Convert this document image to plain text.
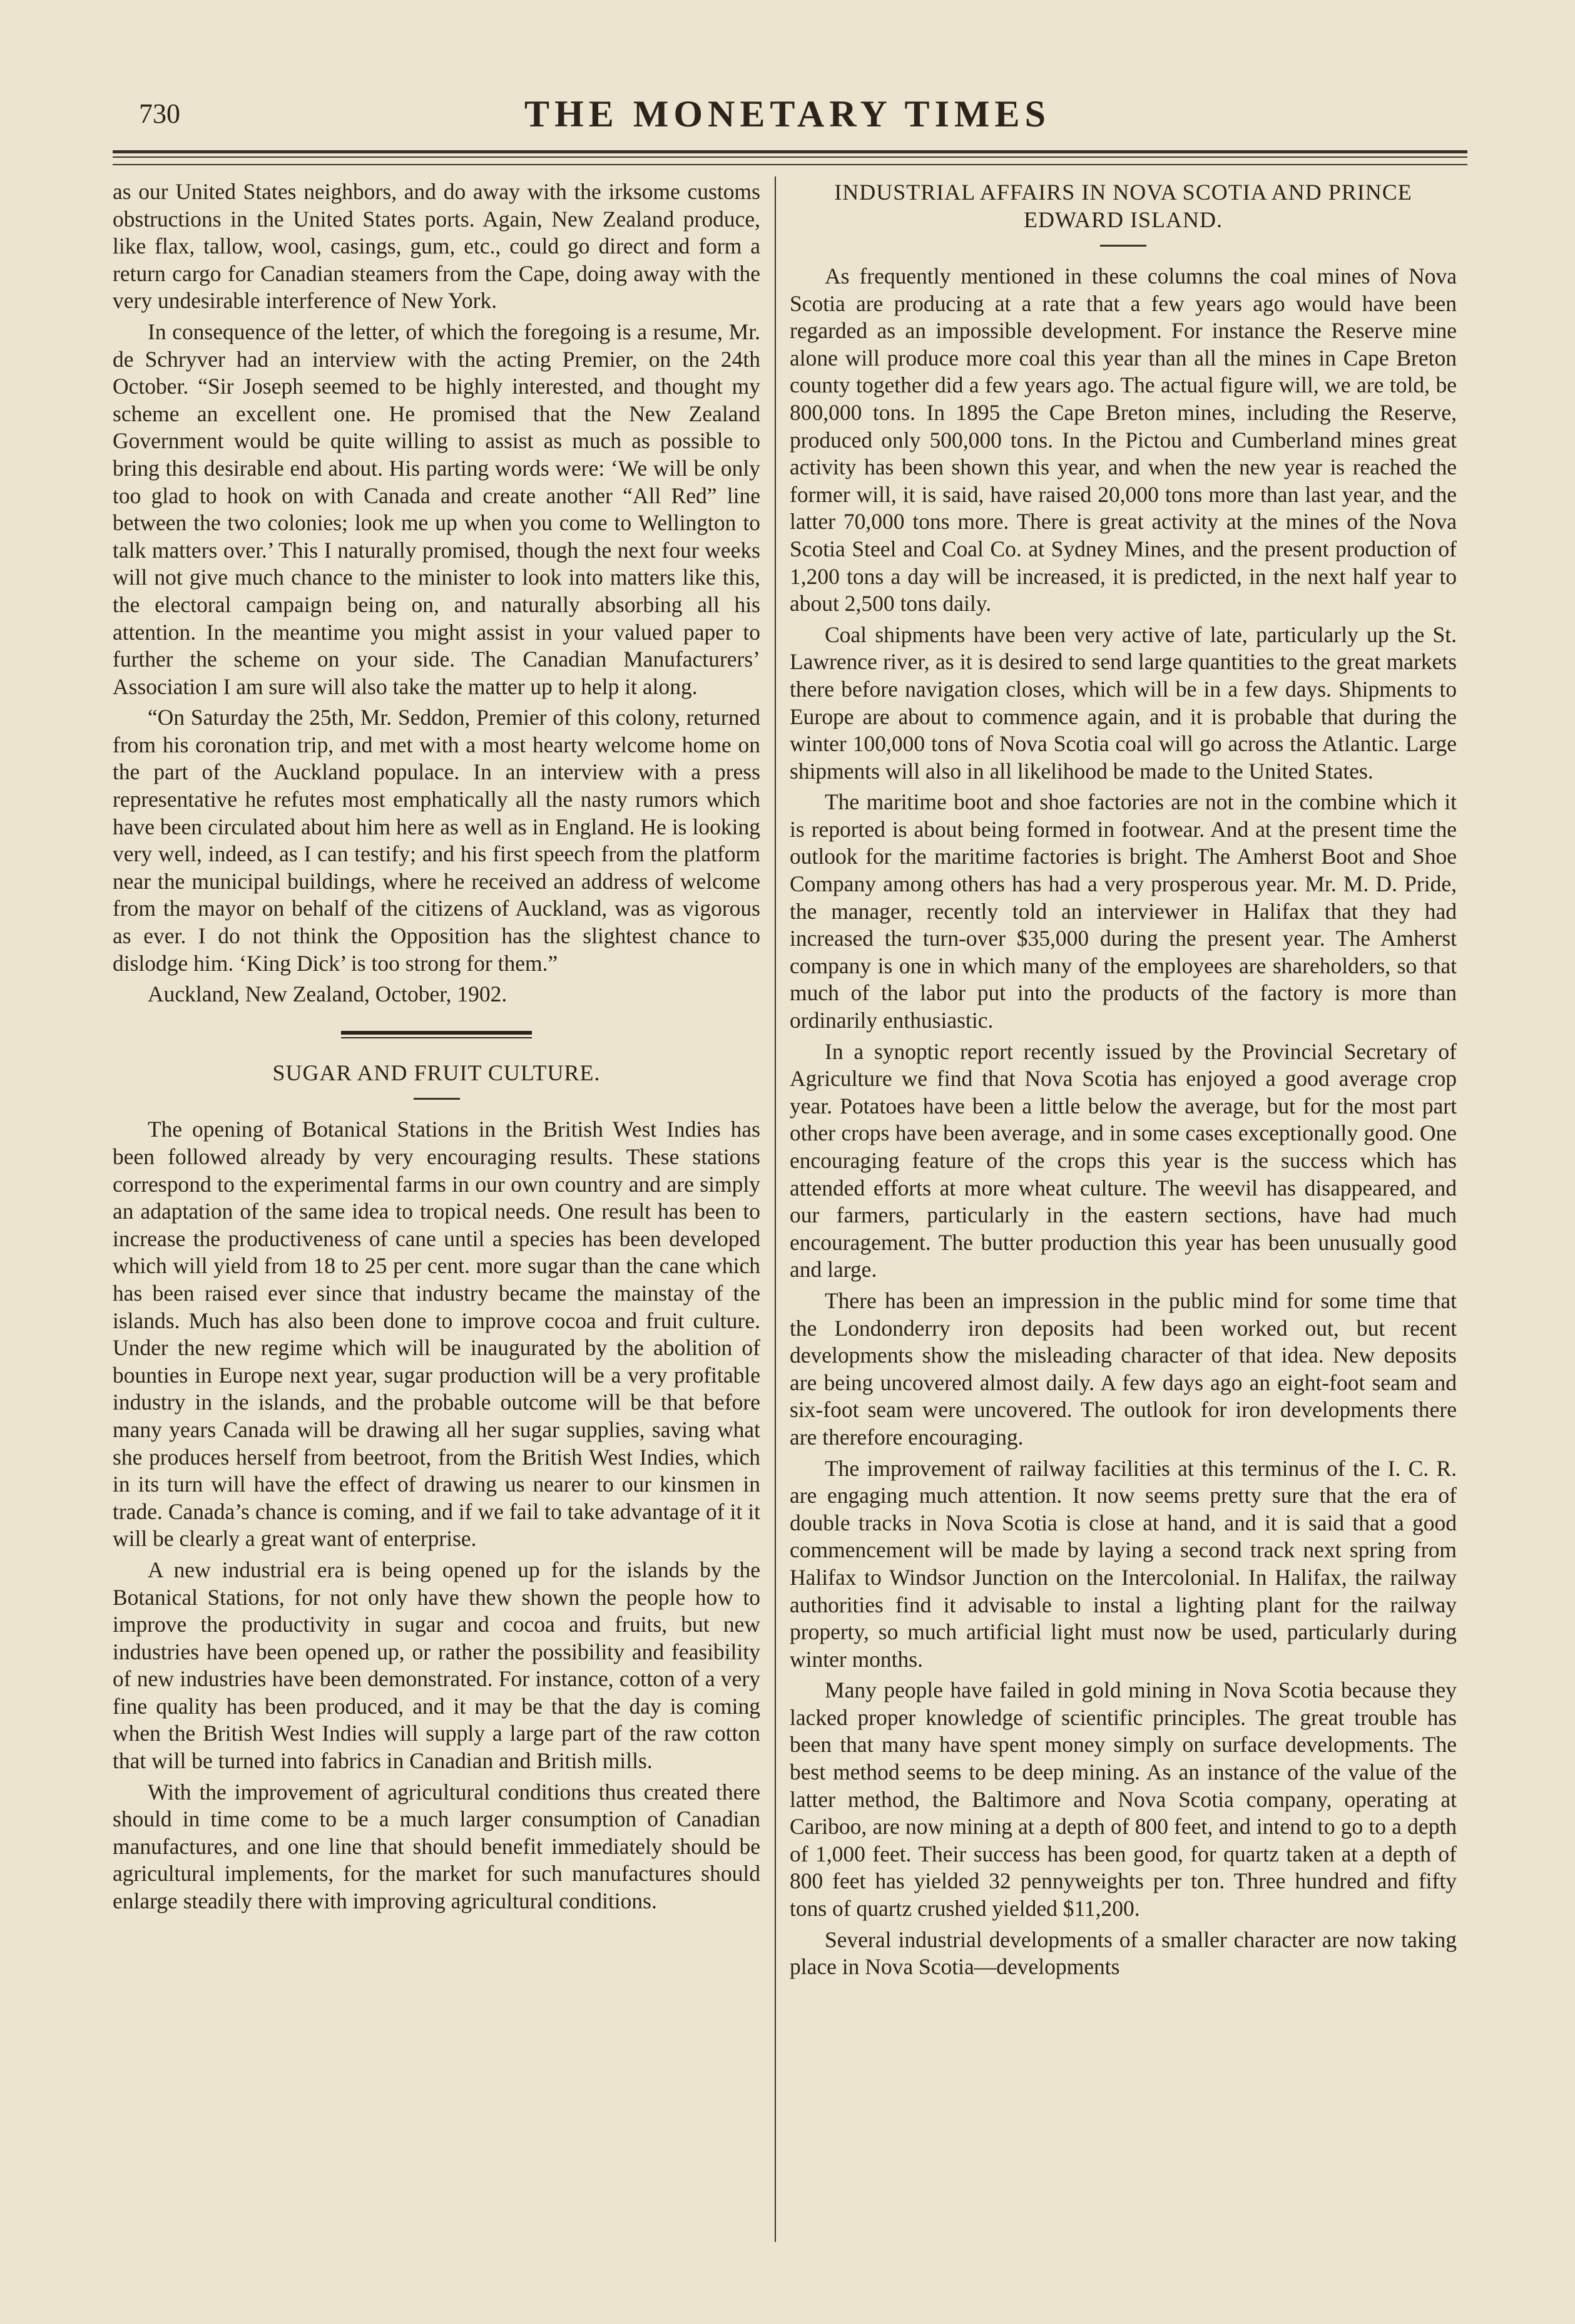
730	THE MONETARY TIMES

as our United States neighbors, and do away with the irksome customs obstructions in the United States ports. Again, New Zealand produce, like flax, tallow, wool, casings, gum, etc., could go direct and form a return cargo for Canadian steamers from the Cape, doing away with the very undesirable interference of New York.

In consequence of the letter, of which the foregoing is a resume, Mr. de Schryver had an interview with the acting Premier, on the 24th October. “Sir Joseph seemed to be highly interested, and thought my scheme an excellent one. He promised that the New Zealand Government would be quite willing to assist as much as possible to bring this desirable end about. His parting words were: ‘We will be only too glad to hook on with Canada and create another “All Red” line between the two colonies; look me up when you come to Wellington to talk matters over.’ This I naturally promised, though the next four weeks will not give much chance to the minister to look into matters like this, the electoral campaign being on, and naturally absorbing all his attention. In the meantime you might assist in your valued paper to further the scheme on your side. The Canadian Manufacturers’ Association I am sure will also take the matter up to help it along.

“On Saturday the 25th, Mr. Seddon, Premier of this colony, returned from his coronation trip, and met with a most hearty welcome home on the part of the Auckland populace. In an interview with a press representative he refutes most emphatically all the nasty rumors which have been circulated about him here as well as in England. He is looking very well, indeed, as I can testify; and his first speech from the platform near the municipal buildings, where he received an address of welcome from the mayor on behalf of the citizens of Auckland, was as vigorous as ever. I do not think the Opposition has the slightest chance to dislodge him. ‘King Dick’ is too strong for them.”

Auckland, New Zealand, October, 1902.

SUGAR AND FRUIT CULTURE.

The opening of Botanical Stations in the British West Indies has been followed already by very encouraging results. These stations correspond to the experimental farms in our own country and are simply an adaptation of the same idea to tropical needs. One result has been to increase the productiveness of cane until a species has been developed which will yield from 18 to 25 per cent. more sugar than the cane which has been raised ever since that industry became the mainstay of the islands. Much has also been done to improve cocoa and fruit culture. Under the new regime which will be inaugurated by the abolition of bounties in Europe next year, sugar production will be a very profitable industry in the islands, and the probable outcome will be that before many years Canada will be drawing all her sugar supplies, saving what she produces herself from beetroot, from the British West Indies, which in its turn will have the effect of drawing us nearer to our kinsmen in trade. Canada’s chance is coming, and if we fail to take advantage of it it will be clearly a great want of enterprise.

A new industrial era is being opened up for the islands by the Botanical Stations, for not only have thew shown the people how to improve the productivity in sugar and cocoa and fruits, but new industries have been opened up, or rather the possibility and feasibility of new industries have been demonstrated. For instance, cotton of a very fine quality has been produced, and it may be that the day is coming when the British West Indies will supply a large part of the raw cotton that will be turned into fabrics in Canadian and British mills.

With the improvement of agricultural conditions thus created there should in time come to be a much larger consumption of Canadian manufactures, and one line that should benefit immediately should be agricultural implements, for the market for such manufactures should enlarge steadily there with improving agricultural conditions.

INDUSTRIAL AFFAIRS IN NOVA SCOTIA AND PRINCE EDWARD ISLAND.

As frequently mentioned in these columns the coal mines of Nova Scotia are producing at a rate that a few years ago would have been regarded as an impossible development. For instance the Reserve mine alone will produce more coal this year than all the mines in Cape Breton county together did a few years ago. The actual figure will, we are told, be 800,000 tons. In 1895 the Cape Breton mines, including the Reserve, produced only 500,000 tons. In the Pictou and Cumberland mines great activity has been shown this year, and when the new year is reached the former will, it is said, have raised 20,000 tons more than last year, and the latter 70,000 tons more. There is great activity at the mines of the Nova Scotia Steel and Coal Co. at Sydney Mines, and the present production of 1,200 tons a day will be increased, it is predicted, in the next half year to about 2,500 tons daily.

Coal shipments have been very active of late, particularly up the St. Lawrence river, as it is desired to send large quantities to the great markets there before navigation closes, which will be in a few days. Shipments to Europe are about to commence again, and it is probable that during the winter 100,000 tons of Nova Scotia coal will go across the Atlantic. Large shipments will also in all likelihood be made to the United States.

The maritime boot and shoe factories are not in the combine which it is reported is about being formed in footwear. And at the present time the outlook for the maritime factories is bright. The Amherst Boot and Shoe Company among others has had a very prosperous year. Mr. M. D. Pride, the manager, recently told an interviewer in Halifax that they had increased the turn-over $35,000 during the present year. The Amherst company is one in which many of the employees are shareholders, so that much of the labor put into the products of the factory is more than ordinarily enthusiastic.

In a synoptic report recently issued by the Provincial Secretary of Agriculture we find that Nova Scotia has enjoyed a good average crop year. Potatoes have been a little below the average, but for the most part other crops have been average, and in some cases exceptionally good. One encouraging feature of the crops this year is the success which has attended efforts at more wheat culture. The weevil has disappeared, and our farmers, particularly in the eastern sections, have had much encouragement. The butter production this year has been unusually good and large.

There has been an impression in the public mind for some time that the Londonderry iron deposits had been worked out, but recent developments show the misleading character of that idea. New deposits are being uncovered almost daily. A few days ago an eight-foot seam and six-foot seam were uncovered. The outlook for iron developments there are therefore encouraging.

The improvement of railway facilities at this terminus of the I. C. R. are engaging much attention. It now seems pretty sure that the era of double tracks in Nova Scotia is close at hand, and it is said that a good commencement will be made by laying a second track next spring from Halifax to Windsor Junction on the Intercolonial. In Halifax, the railway authorities find it advisable to instal a lighting plant for the railway property, so much artificial light must now be used, particularly during winter months.

Many people have failed in gold mining in Nova Scotia because they lacked proper knowledge of scientific principles. The great trouble has been that many have spent money simply on surface developments. The best method seems to be deep mining. As an instance of the value of the latter method, the Baltimore and Nova Scotia company, operating at Cariboo, are now mining at a depth of 800 feet, and intend to go to a depth of 1,000 feet. Their success has been good, for quartz taken at a depth of 800 feet has yielded 32 pennyweights per ton. Three hundred and fifty tons of quartz crushed yielded $11,200.

Several industrial developments of a smaller character are now taking place in Nova Scotia—developments
